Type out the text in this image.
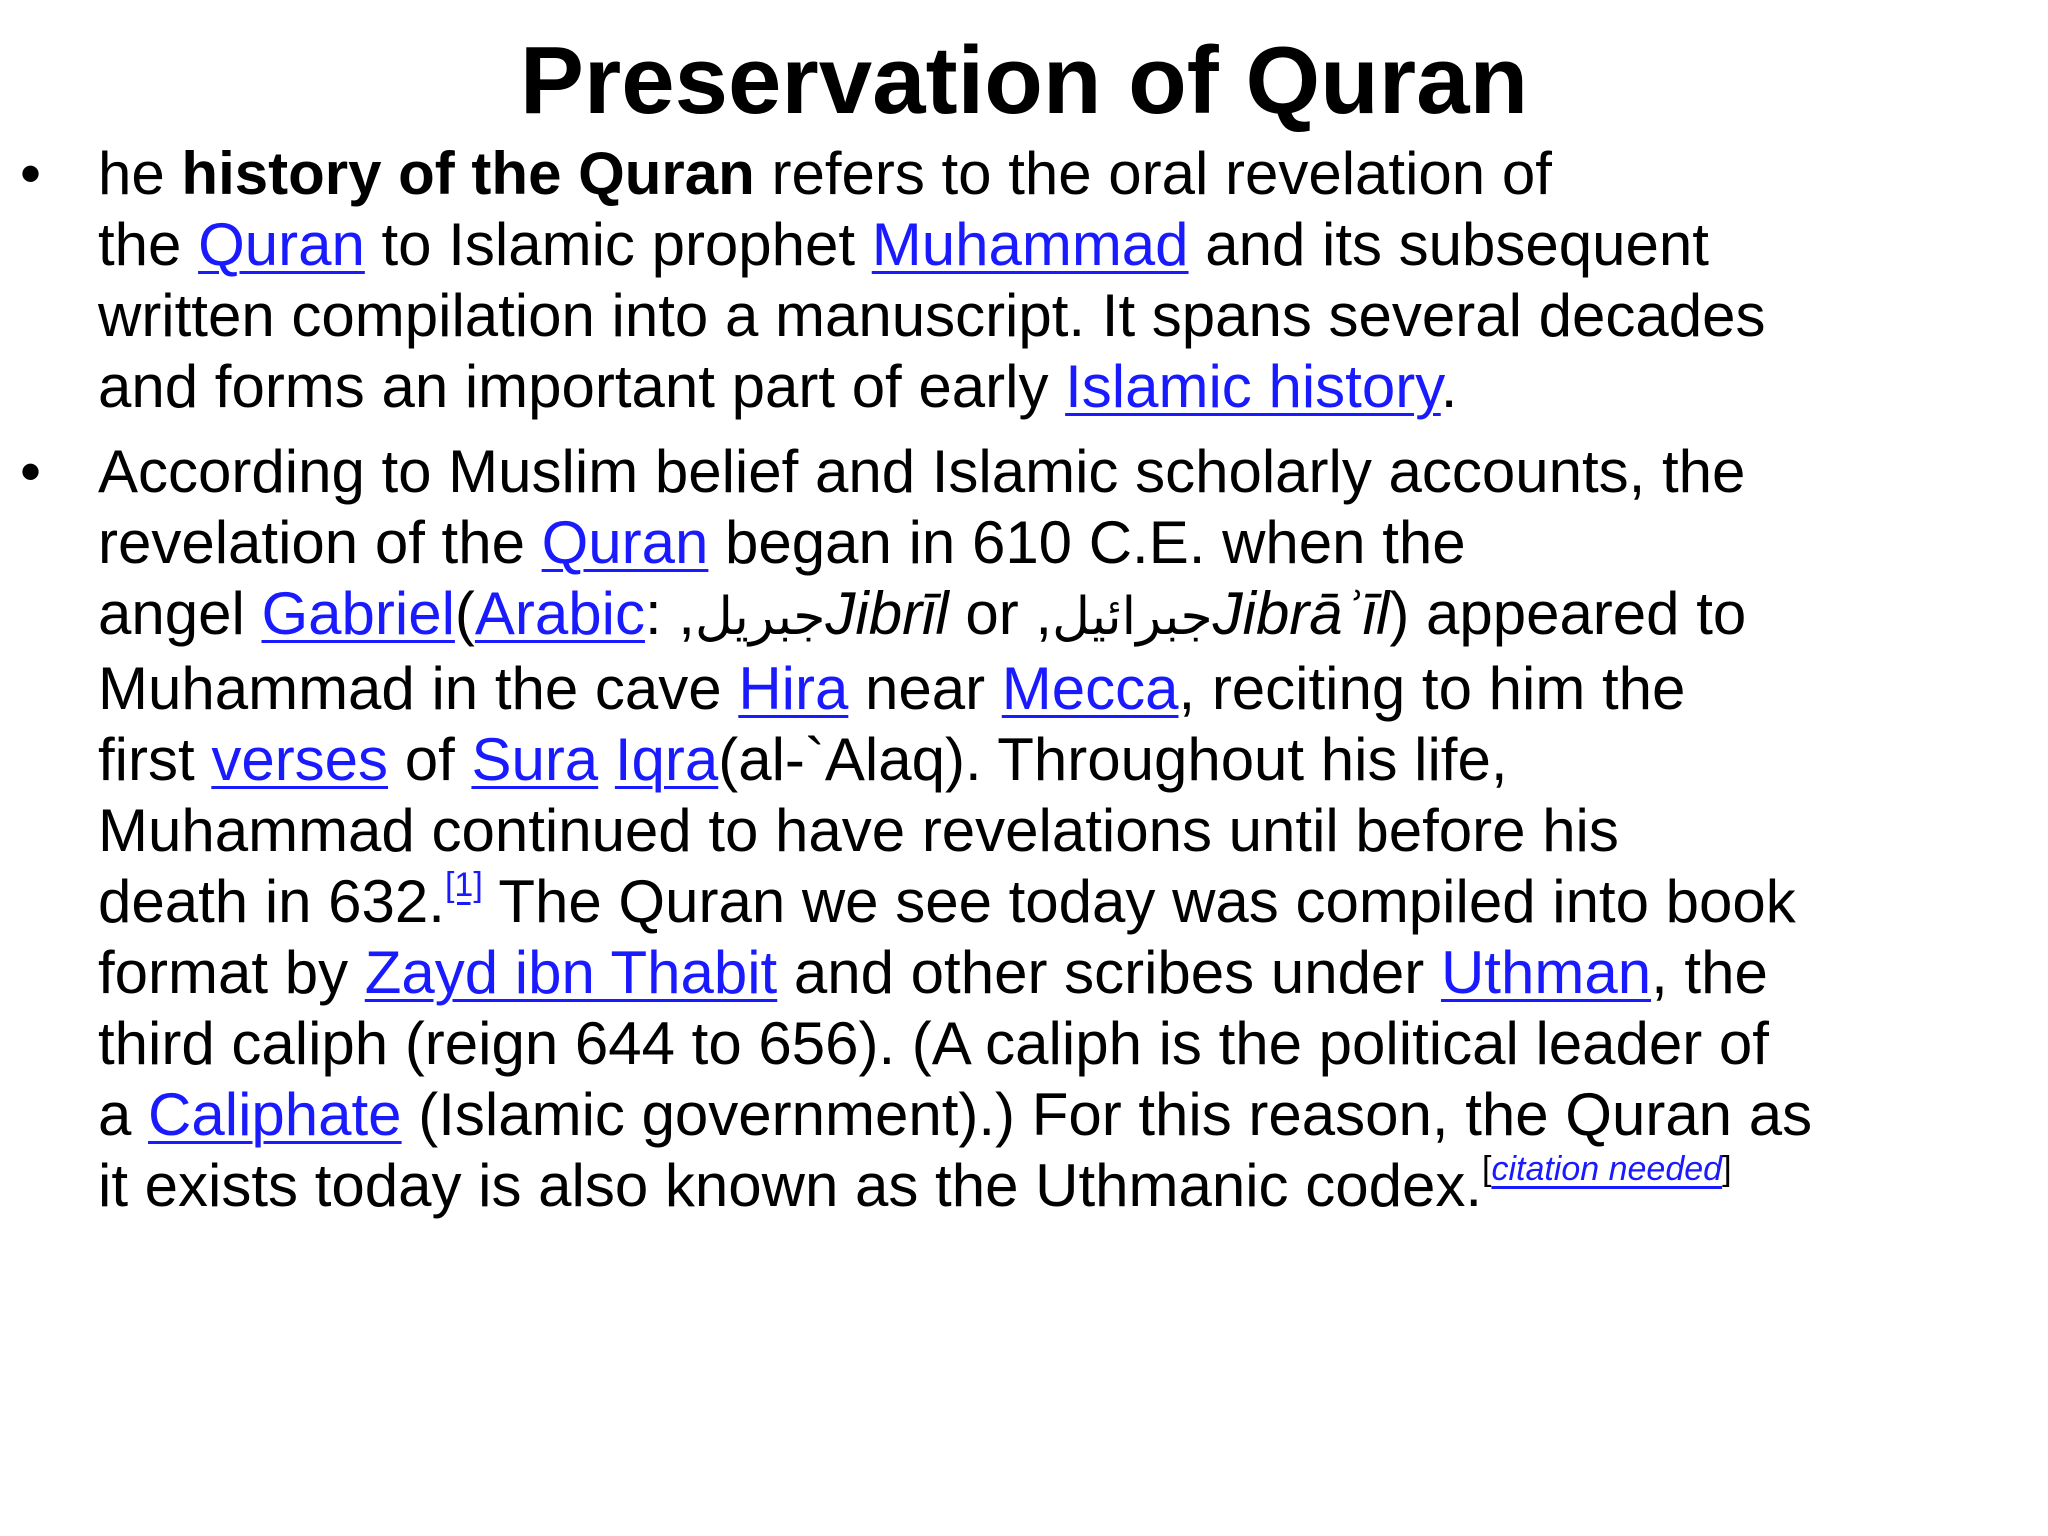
Preservation of Quran
• he history of the Quran refers to the oral revelation of
the Quran to Islamic prophet Muhammad and its subsequent
written compilation into a manuscript. It spans several decades
and forms an important part of early Islamic history.
• According to Muslim belief and Islamic scholarly accounts, the
revelation of the Quran began in 610 C.E. when the
angel Gabriel(Arabic: ,جبريلJibrīl or ,جبرائيلJibrāʾīl) appeared to
Muhammad in the cave Hira near Mecca, reciting to him the
first verses of Sura Iqra(al-`Alaq). Throughout his life,
Muhammad continued to have revelations until before his
death in 632.[1] The Quran we see today was compiled into book
format by Zayd ibn Thabit and other scribes under Uthman, the
third caliph (reign 644 to 656). (A caliph is the political leader of
a Caliphate (Islamic government).) For this reason, the Quran as
it exists today is also known as the Uthmanic codex.[citation needed]
